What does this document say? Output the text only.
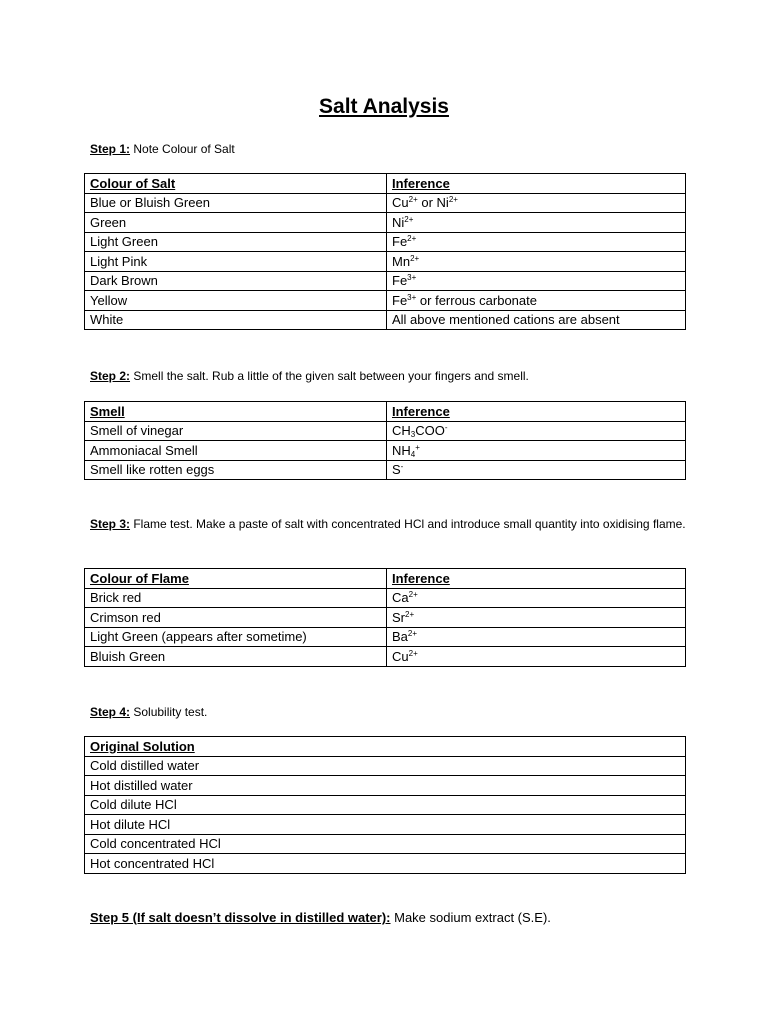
Salt Analysis
Step 1: Note Colour of Salt
Colour of Salt	Inference
Blue or Bluish Green	$Cu^{2+}$ or $Ni^{2+}$
Green	$Ni^{2+}$
Light Green	$Fe^{2+}$
Light Pink	$Mn^{2+}$
Dark Brown	$Fe^{3+}$
Yellow	$Fe^{3+}$ or ferrous carbonate
White	All above mentioned cations are absent
Step 2: Smell the salt. Rub a little of the given salt between your fingers and smell.
Smell	Inference
Smell of vinegar	$CH_3COO^-$
Ammoniacal Smell	$NH_4^+$
Smell like rotten eggs	S-
Step 3: Flame test. Make a paste of salt with concentrated HCl and introduce small quantity into oxidising flame.
Colour of Flame	Inference
Brick red	$Ca^{2+}$
Crimson red	$Sr^{2+}$
Light Green (appears after sometime)	$Ba^{2+}$
Bluish Green	$Cu^{2+}$
Step 4: Solubility test.
Original Solution
Cold distilled water
Hot distilled water
Cold dilute HCl
Hot dilute HCl
Cold concentrated HCl
Hot concentrated HCl
Step 5 (If salt doesn’t dissolve in distilled water): Make sodium extract (S.E).
